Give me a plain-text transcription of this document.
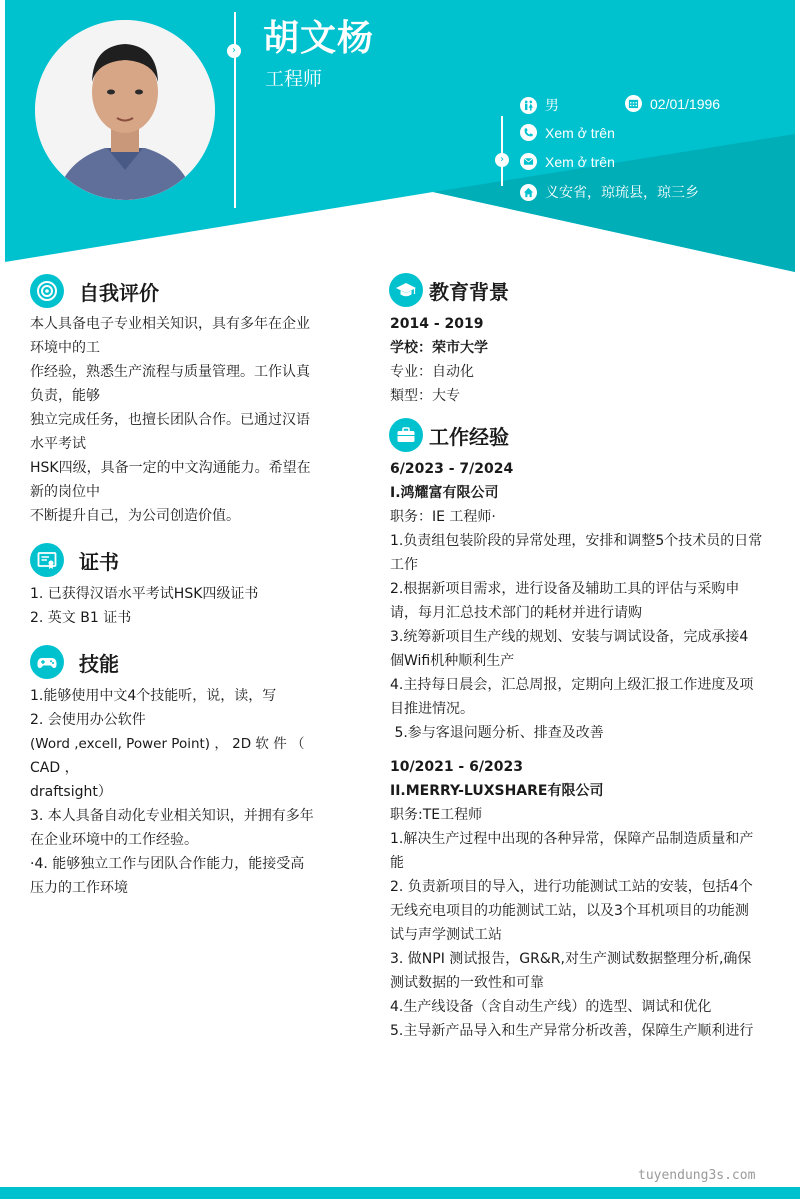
› 胡文杨
工程师
›
男	02/01/1996
Xem ở trên
Xem ở trên
义安省，琼琉县，琼三乡
自我评价

本人具备电子专业相关知识，具有多年在企业

环境中的工

作经验，熟悉生产流程与质量管理。工作认真

负责，能够

独立完成任务，也擅长团队合作。已通过汉语

水平考试

HSK四级，具备一定的中文沟通能力。希望在

新的岗位中

不断提升自己，为公司创造价值。

证书

1. 已获得汉语水平考试HSK四级证书

2. 英文 B1 证书

技能

1.能够使用中文4个技能听，说，读，写

2. 会使用办公软件

(Word ,excell, Power Point) ， 2D 软 件 （

CAD ，

draftsight）

3. 本人具备自动化专业相关知识，并拥有多年

在企业环境中的工作经验。

·4. 能够独立工作与团队合作能力，能接受高

压力的工作环境

教育背景

2014 - 2019

学校：荣市大学

专业：自动化

類型：大专

工作经验

6/2023 - 7/2024

I.鸿耀富有限公司

职务：IE 工程师·

1.负责组包装阶段的异常处理，安排和调整5个技术员的日常

工作

2.根据新项目需求，进行设备及辅助工具的评估与采购申

请，每月汇总技术部门的耗材并进行请购

3.统筹新项目生产线的规划、安装与调试设备，完成承接4

個Wifi机种顺利生产

4.主持每日晨会，汇总周报，定期向上级汇报工作进度及项

目推进情况。

5.参与客退问题分析、排查及改善

10/2021 - 6/2023

II.MERRY-LUXSHARE有限公司

职务:TE工程师

1.解决生产过程中出现的各种异常，保障产品制造质量和产

能

2. 负责新项目的导入，进行功能测试工站的安装，包括4个

无线充电项目的功能测试工站，以及3个耳机项目的功能测

试与声学测试工站

3. 做NPI 测试报告，GR&R,对生产测试数据整理分析,确保

测试数据的一致性和可靠

4.生产线设备（含自动生产线）的选型、调试和优化

5.主导新产品导入和生产异常分析改善，保障生产顺利进行

tuyendung3s.com
